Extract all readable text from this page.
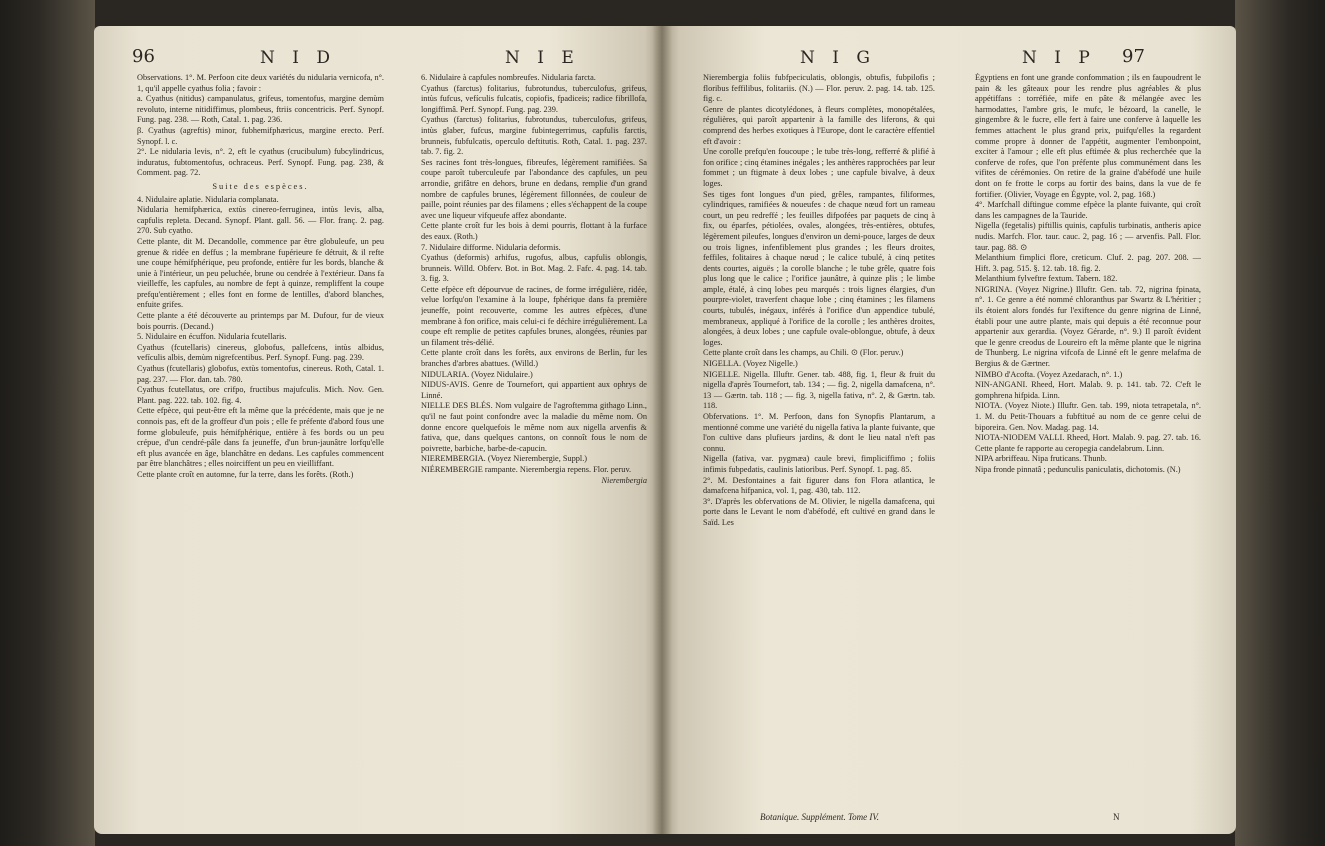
96	N I D	N I E	N I G	N I P 97

Observations. 1°. M. Perfoon cite deux variétés du nidularia vernicofa, n°. 1, qu'il appelle cyathus folia ; favoir :

a. Cyathus (nitidus) campanulatus, grifeus, tomentofus, margine demùm revoluto, interne nitidiffimus, plombeus, ftriis concentricis. Perf. Synopf. Fung. pag. 238. — Roth, Catal. 1. pag. 236.

β. Cyathus (agreftis) minor, fubhemifphæricus, margine erecto. Perf. Synopf. l. c.

2°. Le nidularia levis, n°. 2, eft le cyathus (crucibulum) fubcylindricus, induratus, fubtomentofus, ochraceus. Perf. Synopf. Fung. pag. 238, & Comment. pag. 72.

Suite des espèces.

4. Nidulaire aplatie. Nidularia complanata.

Nidularia hemifphærica, extùs cinereo-ferruginea, intùs levis, alba, capfulis repleta. Decand. Synopf. Plant. gall. 56. — Flor. franç. 2. pag. 270. Sub cyatho.

Cette plante, dit M. Decandolle, commence par être globuleufe, un peu grenue & ridée en deffus ; la membrane fupérieure fe détruit, & il refte une coupe hémifphérique, peu profonde, entière fur les bords, blanche & unie à l'intérieur, un peu peluchée, brune ou cendrée à l'extérieur. Dans fa vieilleffe, les capfules, au nombre de fept à quinze, rempliffent la coupe prefqu'entièrement ; elles font en forme de lentilles, d'abord blanches, enfuite grifes.

Cette plante a été découverte au printemps par M. Dufour, fur de vieux bois pourris. (Decand.)

5. Nidulaire en écuffon. Nidularia fcutellaris.

Cyathus (fcutellaris) cinereus, globofus, pallefcens, intùs albidus, vefículis albis, demùm nigrefcentibus. Perf. Synopf. Fung. pag. 239.

Cyathus (fcutellaris) globofus, extùs tomentofus, cinereus. Roth, Catal. 1. pag. 237. — Flor. dan. tab. 780.

Cyathus fcutellatus, ore crifpo, fructibus majufculis. Mich. Nov. Gen. Plant. pag. 222. tab. 102. fig. 4.

Cette efpèce, qui peut-être eft la même que la précédente, mais que je ne connois pas, eft de la groffeur d'un pois ; elle fe préfente d'abord fous une forme globuleufe, puis hémifphérique, entière à fes bords ou un peu crépue, d'un cendré-pâle dans fa jeuneffe, d'un brun-jaunâtre lorfqu'elle eft plus avancée en âge, blanchâtre en dedans. Les capfules commencent par être blanchâtres ; elles noirciffent un peu en vieilliffant.

Cette plante croît en automne, fur la terre, dans les forêts. (Roth.)

6. Nidulaire à capfules nombreufes. Nidularia farcta.

Cyathus (farctus) folitarius, fubrotundus, tuberculofus, grifeus, intùs fufcus, vefículis fulcatis, copiofis, fpadiceis; radice fibrillofa, longiffimâ. Perf. Synopf. Fung. pag. 239.

Cyathus (farctus) folitarius, fubrotundus, tuberculofus, grifeus, intùs glaber, fufcus, margine fubintegerrimus, capfulis farctis, brunneis, fubfulcatis, operculo deftitutis. Roth, Catal. 1. pag. 237. tab. 7. fig. 2.

Ses racines font très-longues, fibreufes, légèrement ramifiées. Sa coupe paroît tuberculeufe par l'abondance des capfules, un peu arrondie, grifâtre en dehors, brune en dedans, remplie d'un grand nombre de capfules brunes, légèrement fillonnées, de couleur de paille, point réunies par des filamens ; elles s'échappent de la coupe avec une liqueur vifqueufe affez abondante.

Cette plante croît fur les bois à demi pourris, flottant à la furface des eaux. (Roth.)

7. Nidulaire difforme. Nidularia deformis.

Cyathus (deformis) arhifus, rugofus, albus, capfulis oblongis, brunneis. Willd. Obferv. Bot. in Bot. Mag. 2. Fafc. 4. pag. 14. tab. 3. fig. 3.

Cette efpèce eft dépourvue de racines, de forme irrégulière, ridée, velue lorfqu'on l'examine à la loupe, fphérique dans fa première jeuneffe, point recouverte, comme les autres efpèces, d'une membrane à fon orifice, mais celui-ci fe déchire irrégulièrement. La coupe eft remplie de petites capfules brunes, alongées, réunies par un filament très-délié.

Cette plante croît dans les forêts, aux environs de Berlin, fur les branches d'arbres abattues. (Willd.)

NIDULARIA. (Voyez Nidulaire.)

NIDUS-AVIS. Genre de Tournefort, qui appartient aux ophrys de Linné.

NIELLE DES BLÉS. Nom vulgaire de l'agroftemma githago Linn., qu'il ne faut point confondre avec la maladie du même nom. On donne encore quelquefois le même nom aux nigella arvenfis & fativa, que, dans quelques cantons, on connoît fous le nom de poivrette, barbiche, barbe-de-capucin.

NIEREMBERGIA. (Voyez Nierembergie, Suppl.)

NIÉREMBERGIE rampante. Nierembergia repens. Flor. peruv.

Nierembergia

Nierembergia foliis fubfpeciculatis, oblongis, obtufis, fubpilofis ; floribus feffilibus, folitariis. (N.) — Flor. peruv. 2. pag. 14. tab. 125. fig. c.

Genre de plantes dicotylédones, à fleurs complètes, monopétalées, régulières, qui paroît appartenir à la famille des liferons, & qui comprend des herbes exotiques à l'Europe, dont le caractère effentiel eft d'avoir :

Une corolle prefqu'en foucoupe ; le tube très-long, refferré & plifié à fon orifice ; cinq étamines inégales ; les anthères rapprochées par leur fommet ; un ftigmate à deux lobes ; une capfule bivalve, à deux loges.

Ses tiges font longues d'un pied, grêles, rampantes, filiformes, cylindriques, ramifiées & noueufes : de chaque nœud fort un rameau court, un peu redreffé ; les feuilles difpofées par paquets de cinq à fix, ou éparfes, pétiolées, ovales, alongées, très-entières, obtufes, légèrement pileufes, longues d'environ un demi-pouce, larges de deux ou trois lignes, infenfiblement plus grandes ; les fleurs droites, feffiles, folitaires à chaque nœud ; le calice tubulé, à cinq petites dents courtes, aiguës ; la corolle blanche ; le tube grêle, quatre fois plus long que le calice ; l'orifice jaunâtre, à quinze plis ; le limbe ample, étalé, à cinq lobes peu marqués : trois lignes élargies, d'un pourpre-violet, traverfent chaque lobe ; cinq étamines ; les filamens courts, tubulés, inégaux, inférés à l'orifice d'un appendice tubulé, membraneux, appliqué à l'orifice de la corolle ; les anthères droites, alongées, à deux lobes ; une capfule ovale-oblongue, obtufe, à deux loges.

Cette plante croît dans les champs, au Chili. ⊙ (Flor. peruv.)

NIGELLA. (Voyez Nigelle.)

NIGELLE. Nigella. Illuftr. Gener. tab. 488, fig. 1, fleur & fruit du nigella d'après Tournefort, tab. 134 ; — fig. 2, nigella damafcena, n°. 13 — Gærtn. tab. 118 ; — fig. 3, nigella fativa, n°. 2, & Gærtn. tab. 118.

Obfervations. 1°. M. Perfoon, dans fon Synopfis Plantarum, a mentionné comme une variété du nigella fativa la plante fuivante, que l'on cultive dans plufieurs jardins, & dont le lieu natal n'eft pas connu.

Nigella (fativa, var. pygmæa) caule brevi, fimpliciffimo ; foliis infimis fubpedatis, caulinis latioribus. Perf. Synopf. 1. pag. 85.

2°. M. Desfontaines a fait figurer dans fon Flora atlantica, le damafcena hifpanica, vol. 1, pag. 430, tab. 112.

3°. D'après les obfervations de M. Olivier, le nigella damafcena, qui porte dans le Levant le nom d'abéfodé, eft cultivé en grand dans le Saïd. Les

Égyptiens en font une grande confommation ; ils en faupoudrent le pain & les gâteaux pour les rendre plus agréables & plus appétiffans : torréfiée, mife en pâte & mélangée avec les harmodattes, l'ambre gris, le mufc, le bézoard, la canelle, le gingembre & le fucre, elle fert à faire une conferve à laquelle les femmes attachent le plus grand prix, puifqu'elles la regardent comme propre à donner de l'appétit, augmenter l'embonpoint, exciter à l'amour ; elle eft plus eftimée & plus recherchée que la conferve de rofes, que l'on préfente plus communément dans les vifites de cérémonies. On retire de la graine d'abéfodé une huile dont on fe frotte le corps au fortir des bains, dans la vue de fe fortifier. (Olivier, Voyage en Égypte, vol. 2, pag. 168.)

4°. Marfchall diftingue comme efpèce la plante fuivante, qui croît dans les campagnes de la Tauride.

Nigella (fegetalis) piftillis quinis, capfulis turbinatis, antheris apice nudis. Marfch. Flor. taur. cauc. 2, pag. 16 ; — arvenfis. Pall. Flor. taur. pag. 88. ⊙

Melanthium fimplici flore, creticum. Cluf. 2. pag. 207. 208. — Hift. 3. pag. 515. §. 12. tab. 18. fig. 2.

Melanthium fylveftre fextum. Tabern. 182.

NIGRINA. (Voyez Nigrine.) Illuftr. Gen. tab. 72, nigrina fpinata, n°. 1. Ce genre a été nommé chloranthus par Swartz & L'héritier ; ils étoient alors fondés fur l'exiftence du genre nigrina de Linné, établi pour une autre plante, mais qui depuis a été reconnue pour appartenir aux gerardia. (Voyez Gérarde, n°. 9.) Il paroît évident que le genre creodus de Loureiro eft la même plante que le nigrina de Thunberg. Le nigrina vifcofa de Linné eft le genre melafma de Bergius & de Gærtner.

NIMBO d'Acofta. (Voyez Azedarach, n°. 1.)

NIN-ANGANI. Rheed, Hort. Malab. 9. p. 141. tab. 72. C'eft le gomphrena hifpida. Linn.

NIOTA. (Voyez Niote.) Illuftr. Gen. tab. 199, niota tetrapetala, n°. 1. M. du Petit-Thouars a fubftitué au nom de ce genre celui de biporeira. Gen. Nov. Madag. pag. 14.

NIOTA-NIODEM VALLI. Rheed, Hort. Malab. 9. pag. 27. tab. 16. Cette plante fe rapporte au ceropegia candelabrum. Linn.

NIPA arbriffeau. Nipa fruticans. Thunb.

Nipa fronde pinnatâ ; pedunculis paniculatis, dichotomis. (N.)

Botanique. Supplément. Tome IV.	N
